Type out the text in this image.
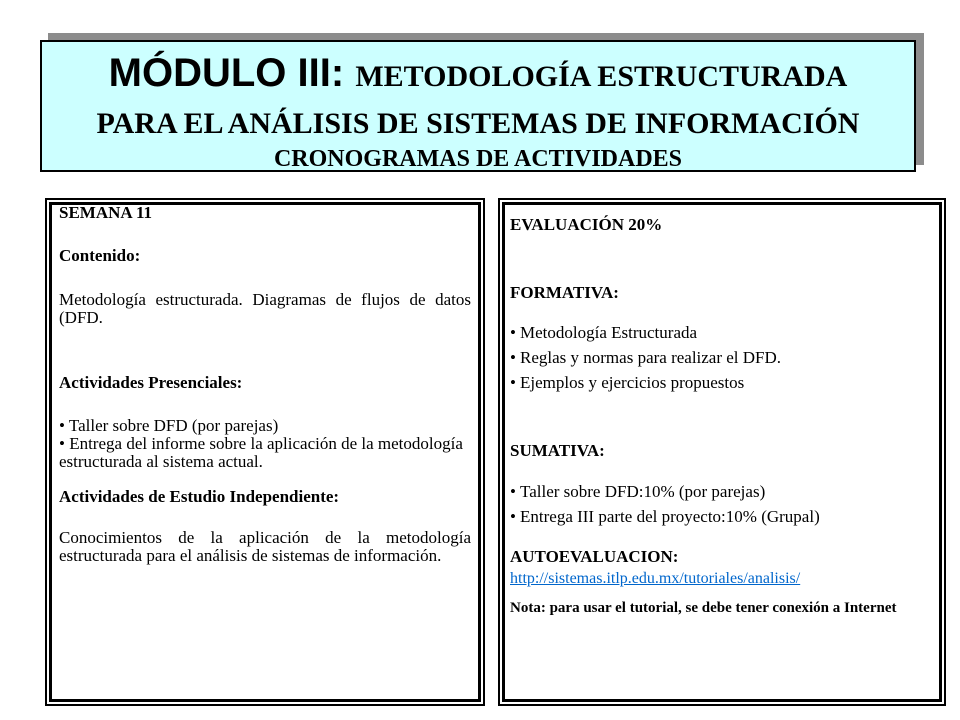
MÓDULO III: METODOLOGÍA ESTRUCTURADA
PARA EL ANÁLISIS DE SISTEMAS DE INFORMACIÓN
CRONOGRAMAS DE ACTIVIDADES

SEMANA 11

Contenido:

Metodología estructurada. Diagramas de flujos de datos (DFD.

Actividades Presenciales:

• Taller sobre DFD (por parejas)

• Entrega del informe sobre la aplicación de la metodología estructurada al sistema actual.

Actividades de Estudio Independiente:

Conocimientos de la aplicación de la metodología estructurada para el análisis de sistemas de información.

EVALUACIÓN 20%

FORMATIVA:

• Metodología Estructurada
• Reglas y normas para realizar el DFD.
• Ejemplos y ejercicios propuestos

SUMATIVA:

• Taller sobre DFD:10% (por parejas)
• Entrega III parte del proyecto:10% (Grupal)

AUTOEVALUACION:

http://sistemas.itlp.edu.mx/tutoriales/analisis/

Nota: para usar el tutorial, se debe tener conexión a Internet
